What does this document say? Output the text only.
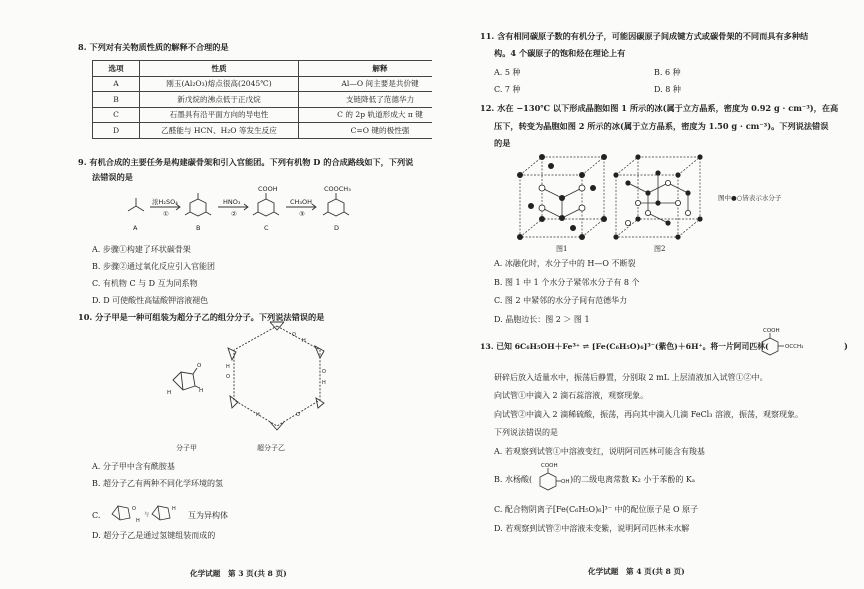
8. 下列对有关物质性质的解释不合理的是
选项	性质	解释
A	刚玉(Al₂O₃)熔点很高(2045℃)	Al—O 间主要是共价键
B	新戊烷的沸点低于正戊烷	支链降低了范德华力
C	石墨具有沿平面方向的导电性	C 的 2p 轨道形成大 π 键
D	乙醛能与 HCN、H₂O 等发生反应	C=O 键的极性强
9. 有机合成的主要任务是构建碳骨架和引入官能团。下列有机物 D 的合成路线如下，下列说
法错误的是
浓H₂SO₄
①
HNO₃
②
CH₃OH
③
COOH	COOCH₃
A	B	C	D
A. 步骤①构建了环状碳骨架
B. 步骤②通过氧化反应引入官能团
C. 有机物 C 与 D 互为同系物
D. D 可使酸性高锰酸钾溶液褪色
10. 分子甲是一种可组装为超分子乙的组分分子。下列说法错误的是
H
O
H
分子甲
O
H
O
H
O
H
O
H
超分子乙
A. 分子甲中含有酰胺基
B. 超分子乙有两种不同化学环境的氢
C.
O
H
与
H
互为异构体
D. 超分子乙是通过氢键组装而成的
化学试题　第 3 页(共 8 页)
11. 含有相同碳原子数的有机分子，可能因碳原子间成键方式或碳骨架的不同而具有多种结
构。4 个碳原子的饱和烃在理论上有
A. 5 种	B. 6 种
C. 7 种	D. 8 种
12. 水在 −130℃ 以下形成晶胞如图 1 所示的冰(属于立方晶系，密度为 0.92 g · cm⁻³)，在高
压下，转变为晶胞如图 2 所示的冰(属于立方晶系，密度为 1.50 g · cm⁻³)。下列说法错误
的是
图1	图2
图中●○皆表示水分子
A. 冰融化时，水分子中的 H—O 不断裂
B. 图 1 中 1 个水分子紧邻水分子有 8 个
C. 图 2 中紧邻的水分子间有范德华力
D. 晶胞边长：图 2 ＞ 图 1
13. 已知 6C₆H₅OH＋Fe³⁺ ⇌ [Fe(C₆H₅O)₆]³⁻(紫色)＋6H⁺。将一片阿司匹林(
COOH
OCCH₃	)
研碎后放入适量水中，振荡后静置，分别取 2 mL 上层清液加入试管①②中。
向试管①中滴入 2 滴石蕊溶液，观察现象。
向试管②中滴入 2 滴稀硫酸，振荡，再向其中滴入几滴 FeCl₃ 溶液，振荡，观察现象。
下列说法错误的是
A. 若观察到试管①中溶液变红，说明阿司匹林可能含有羧基
B. 水杨酸(
COOH
OH )的二级电离常数 K₂ 小于苯酚的 Kₐ
C. 配合物阴离子[Fe(C₆H₅O)₆]³⁻ 中的配位原子是 O 原子
D. 若观察到试管②中溶液未变紫，说明阿司匹林未水解
化学试题　第 4 页(共 8 页)
